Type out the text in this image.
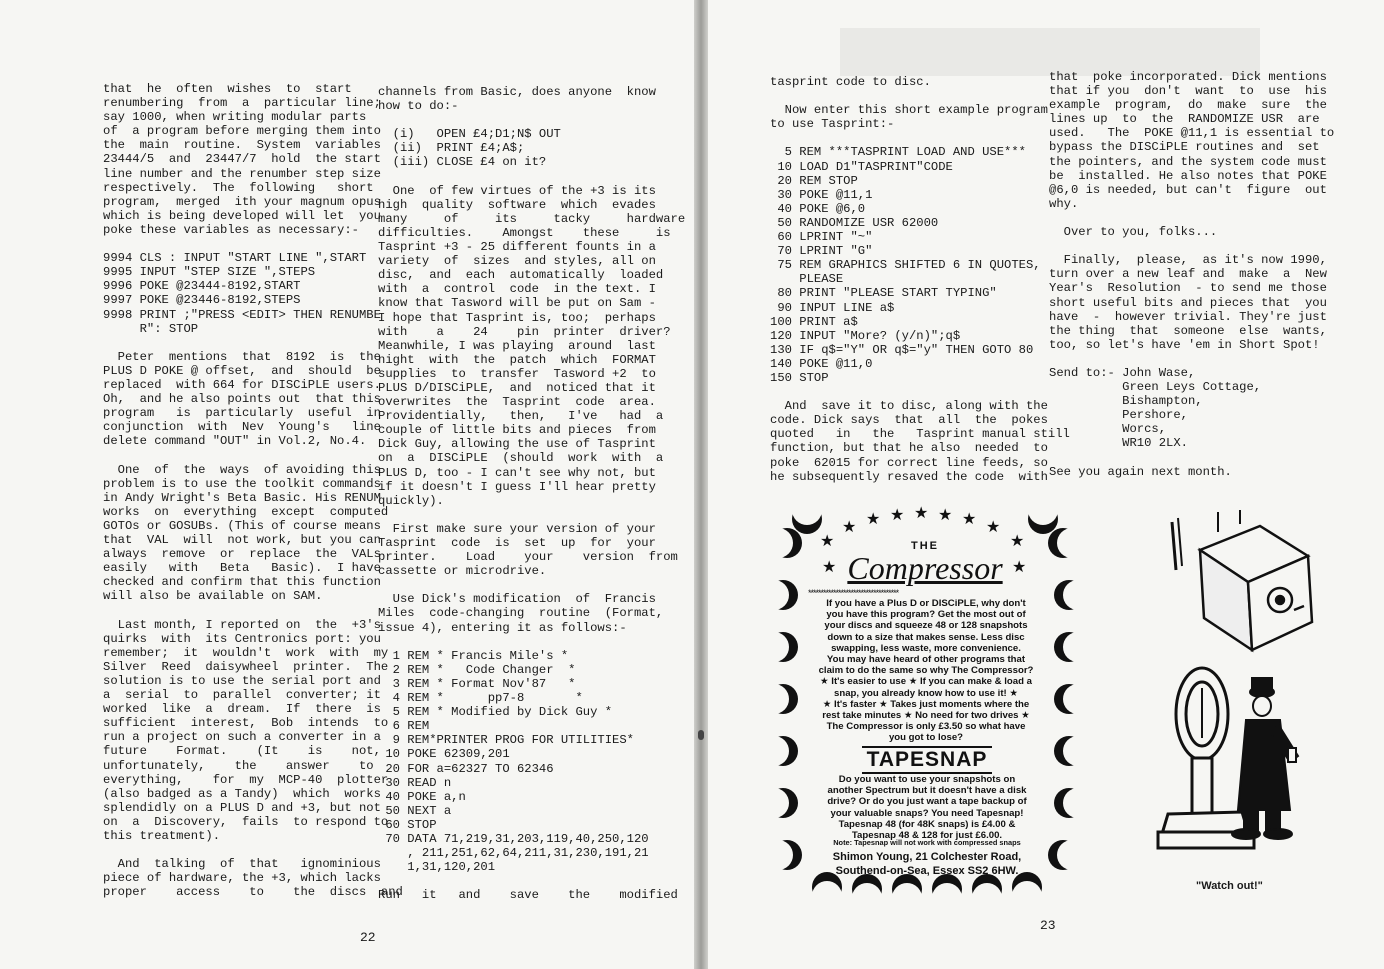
that  he  often  wishes  to  start
renumbering  from  a  particular line;
say 1000, when writing modular parts
of  a program before merging them into
the  main  routine.  System  variables
23444/5  and  23447/7  hold  the start
line number and the renumber step size
respectively.  The  following   short
program,  merged  ith your magnum opus
which is being developed will let  you
poke these variables as necessary:-

9994 CLS : INPUT "START LINE ",START
9995 INPUT "STEP SIZE ",STEPS
9996 POKE @23444-8192,START
9997 POKE @23446-8192,STEPS
9998 PRINT ;"PRESS <EDIT> THEN RENUMBE
R": STOP

Peter  mentions  that  8192  is  the
PLUS D POKE @ offset,  and  should  be
replaced  with 664 for DISCiPLE users.
Oh,  and he also points out  that this
program   is  particularly  useful  in
conjunction  with  Nev  Young's   line
delete command "OUT" in Vol.2, No.4.

One  of  the  ways  of avoiding this
problem is to use the toolkit commands
in Andy Wright's Beta Basic. His RENUM
works  on  everything  except  computed
GOTOs or GOSUBs. (This of course means
that  VAL  will  not work, but you can
always  remove  or  replace  the  VALs
easily   with   Beta   Basic).  I have
checked and confirm that this function
will also be available on SAM.

Last month, I reported on  the  +3's
quirks  with  its Centronics port: you
remember;  it  wouldn't  work  with  my
Silver  Reed  daisywheel  printer.  The
solution is to use the serial port and
a  serial  to  parallel  converter; it
worked  like  a  dream.  If  there  is
sufficient  interest,  Bob  intends  to
run a project on such a converter in a
future    Format.    (It    is    not,
unfortunately,    the    answer    to
everything,    for  my  MCP-40  plotter
(also badged as a Tandy)  which  works
splendidly on a PLUS D and +3, but not
on  a  Discovery,  fails  to respond to
this treatment).

And  talking  of  that   ignominious
piece of hardware, the +3, which lacks
proper    access    to    the  discs  and
channels from Basic, does anyone  know
how to do:-

(i)   OPEN £4;D1;N$ OUT
(ii)  PRINT £4;A$;
(iii) CLOSE £4 on it?

One  of few virtues of the +3 is its
high  quality  software  which  evades
many     of     its     tacky     hardware
difficulties.    Amongst    these     is
Tasprint +3 - 25 different founts in a
variety  of  sizes  and styles, all on
disc,  and  each  automatically  loaded
with  a  control  code  in the text. I
know that Tasword will be put on Sam -
I hope that Tasprint is, too;  perhaps
with    a    24    pin  printer  driver?
Meanwhile, I was playing  around  last
night  with  the  patch  which  FORMAT
supplies  to  transfer  Tasword +2  to
PLUS D/DISCiPLE,  and  noticed that it
overwrites  the  Tasprint  code  area.
Providentially,   then,   I've   had  a
couple of little bits and pieces  from
Dick Guy, allowing the use of Tasprint
on  a  DISCiPLE  (should  work  with  a
PLUS D, too - I can't see why not, but
if it doesn't I guess I'll hear pretty
quickly).

First make sure your version of your
Tasprint  code  is  set  up  for  your
printer.    Load    your    version  from
cassette or microdrive.

Use Dick's modification  of  Francis
Miles  code-changing  routine  (Format,
issue 4), entering it as follows:-

1 REM * Francis Mile's *
2 REM *   Code Changer  *
3 REM * Format Nov'87   *
4 REM *      pp7-8       *
5 REM * Modified by Dick Guy *
6 REM
9 REM*PRINTER PROG FOR UTILITIES*
10 POKE 62309,201
20 FOR a=62327 TO 62346
30 READ n
40 POKE a,n
50 NEXT a
60 STOP
70 DATA 71,219,31,203,119,40,250,120
, 211,251,62,64,211,31,230,191,21
1,31,120,201

Run   it   and    save    the    modified
22
tasprint code to disc.

Now enter this short example program
to use Tasprint:-

5 REM ***TASPRINT LOAD AND USE***
10 LOAD D1"TASPRINT"CODE
20 REM STOP
30 POKE @11,1
40 POKE @6,0
50 RANDOMIZE USR 62000
60 LPRINT "~"
70 LPRINT "G"
75 REM GRAPHICS SHIFTED 6 IN QUOTES,
PLEASE
80 PRINT "PLEASE START TYPING"
90 INPUT LINE a$
100 PRINT a$
120 INPUT "More? (y/n)";q$
130 IF q$="Y" OR q$="y" THEN GOTO 80
140 POKE @11,0
150 STOP

And  save it to disc, along with the
code. Dick says  that  all  the  pokes
quoted   in   the   Tasprint manual still
function, but that he also  needed  to
poke  62015 for correct line feeds, so
he subsequently resaved the code  with
that  poke incorporated. Dick mentions
that if you  don't  want  to  use  his
example  program,  do  make  sure  the
lines up  to  the  RANDOMIZE USR  are
used.   The  POKE @11,1 is essential to
bypass the DISCiPLE routines and  set
the pointers, and the system code must
be  installed. He also notes that POKE
@6,0 is needed, but can't  figure  out
why.

Over to you, folks...

Finally,  please,  as it's now 1990,
turn over a new leaf and  make  a  New
Year's  Resolution  - to send me those
short useful bits and pieces that  you
have  -  however trivial. They're just
the thing  that  someone  else  wants,
too, so let's have 'em in Short Spot!

Send to:- John Wase,
Green Leys Cottage,
Bishampton,
Pershore,
Worcs,
WR10 2LX.

See you again next month.
★ ★ ★ ★ ★ ★ ★
★	★
★	★
THE
Compressor
************************************
If you have a Plus D or DISCiPLE, why don't
you have this program? Get the most out of
your discs and squeeze 48 or 128 snapshots
down to a size that makes sense. Less disc
swapping, less waste, more convenience.
You may have heard of other programs that
claim to do the same so why The Compressor?
★ It's easier to use ★ If you can make & load a
snap, you already know how to use it! ★
★ It's faster ★ Takes just moments where the
rest take minutes ★ No need for two drives ★
The Compressor is only £3.50 so what have
you got to lose?
TAPESNAP
Do you want to use your snapshots on
another Spectrum but it doesn't have a disk
drive? Or do you just want a tape backup of
your valuable snaps? You need Tapesnap!
Tapesnap 48 (for 48K snaps) is £4.00 &
Tapesnap 48 & 128 for just £6.00.
Note: Tapesnap will not work with compressed snaps
Shimon Young, 21 Colchester Road,
Southend-on-Sea, Essex SS2 6HW.
"Watch out!"
23
